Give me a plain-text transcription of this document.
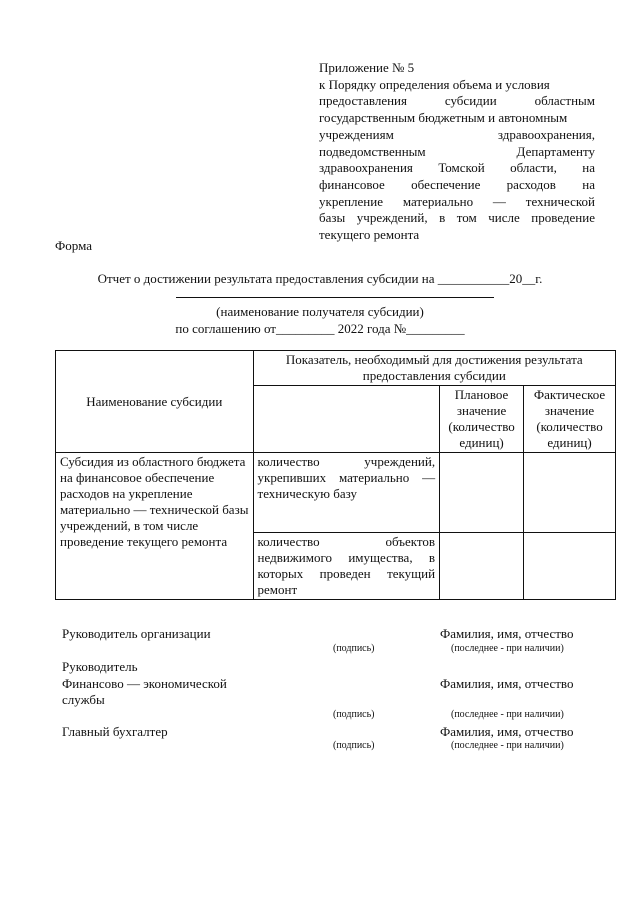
Приложение № 5
к Порядку определения объема и условия
предоставления субсидии областным
государственным бюджетным и автономным
учреждениям здравоохранения,
подведомственным Департаменту
здравоохранения Томской области, на
финансовое обеспечение расходов на
укрепление материально — технической
базы учреждений, в том числе проведение
текущего ремонта
Форма
Отчет о достижении результата предоставления субсидии на ___________20__г.
(наименование получателя субсидии)
по соглашению от_________ 2022 года №_________
Наименование субсидии	Показатель, необходимый для достижения результата предоставления субсидии		
		Плановое значение (количество единиц)	Фактическое значение (количество единиц)
Субсидия из областного бюджета на финансовое обеспечение расходов на укрепление материально — технической базы учреждений, в том числе проведение текущего ремонта	количество учреждений, укрепивших материально — техническую базу		
	количество объектов недвижимого имущества, в которых проведен текущий ремонт		
Руководитель организации	Фамилия, имя, отчество
(подпись)	(последнее - при наличии)
Руководитель
Финансово — экономической	Фамилия, имя, отчество
службы
(подпись)	(последнее - при наличии)
Главный бухгалтер	Фамилия, имя, отчество
(подпись)	(последнее - при наличии)
